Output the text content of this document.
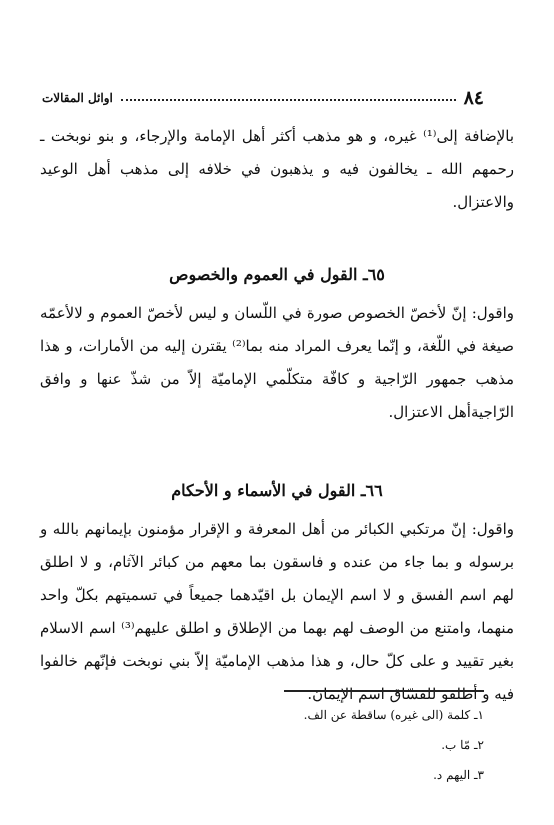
٨٤
اوائل المقالات

بالإضافة إلى⁽¹⁾ غيره، و هو مذهب أكثر أهل الإمامة والإرجاء، و بنو نوبخت ـ رحمهم الله ـ يخالفون فيه و يذهبون في خلافه إلى مذهب أهل الوعيد والاعتزال.

٦٥ـ القول في العموم والخصوص

واقول: إنّ لأخصّ الخصوص صورة في اللّسان و ليس لأخصّ العموم و لالأعمّه صيغة في اللّغة، و إنّما يعرف المراد منه بما⁽²⁾ يقترن إليه من الأمارات، و هذا مذهب جمهور الرّاجية و كافّة متكلّمي الإماميّة إلاّ من شذّ عنها و وافق الرّاجيةأهل الاعتزال.

٦٦ـ القول في الأسماء و الأحكام

واقول: إنّ مرتكبي الكبائر من أهل المعرفة و الإقرار مؤمنون بإيمانهم بالله و برسوله و بما جاء من عنده و فاسقون بما معهم من كبائر الآثام، و لا اطلق لهم اسم الفسق و لا اسم الإيمان بل اقيّدهما جميعاً في تسميتهم بكلّ واحد منهما، وامتنع من الوصف لهم بهما من الإطلاق و اطلق عليهم⁽³⁾ اسم الاسلام بغير تقييد و على كلّ حال، و هذا مذهب الإماميّة إلاّ بني نوبخت فإنّهم خالفوا فيه و أطلقو للفسّاق اسم الإيمان.

١ـ كلمة (الى غيره) ساقطة عن الف.

٢ـ مّا ب.

٣ـ اليهم د.
